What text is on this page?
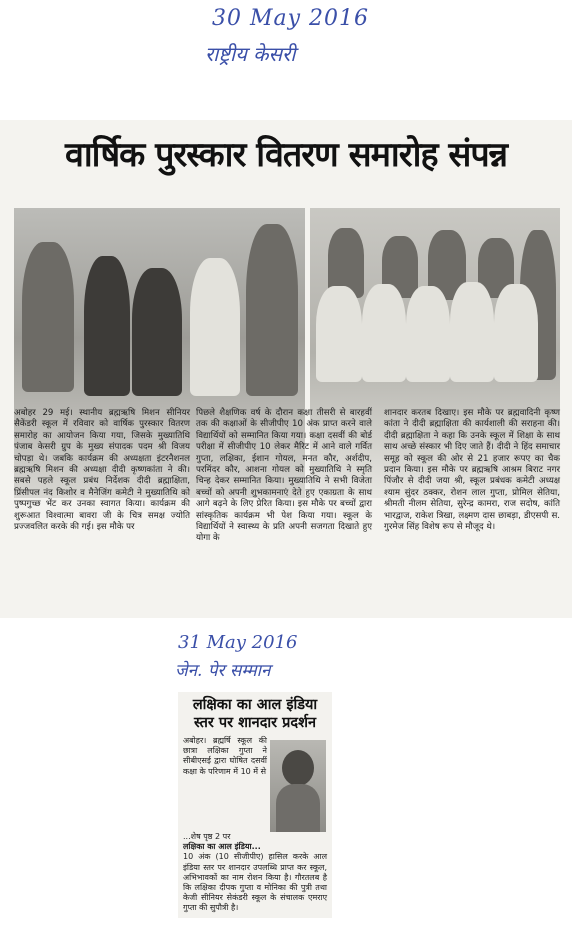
30 May 2016
राष्ट्रीय केसरी
वार्षिक पुरस्कार वितरण समारोह संपन्न
अबोहर 29 मई। स्थानीय ब्रह्मऋषि मिशन सीनियर सैकेंडरी स्कूल में रविवार को वार्षिक पुरस्कार वितरण समारोह का आयोजन किया गया, जिसके मुख्यातिथि पंजाब केसरी ग्रुप के मुख्य संपादक पदम श्री विजय चोपड़ा थे। जबकि कार्यक्रम की अध्यक्षता इंटरनैशनल ब्रह्मऋषि मिशन की अध्यक्षा दीदी कृष्णकांता ने की। सबसे पहले स्कूल प्रबंध निर्देशक दीदी ब्रह्माक्षिता, प्रिंसीपल नंद किशोर व मैनेजिंग कमेटी ने मुख्यातिथि को पुष्पगुच्छ भेंट कर उनका स्वागत किया। कार्यक्रम की शुरूआत विश्वात्मा बावरा जी के चित्र समक्ष ज्योति प्रज्जवलित करके की गई। इस मौके पर
पिछले शैक्षणिक वर्ष के दौरान कक्षा तीसरी से बारहवीं तक की कक्षाओं के सीजीपीए 10 अंक प्राप्त करने वाले विद्यार्थियों को सम्मानित किया गया। कक्षा दसवीं की बोर्ड परीक्षा में सीजीपीए 10 लेकर मैरिट में आने वाले गर्वित गुप्ता, लक्षिका, ईशान गोयल, मनत कौर, अर्शदीप, परमिंदर कौर, आशना गोयल को मुख्यातिथि ने स्मृति चिन्ह देकर सम्मानित किया। मुख्यातिथि ने सभी विजेता बच्चों को अपनी शुभकामनाएं देते हुए एकाग्रता के साथ आगे बढ़ने के लिए प्रेरित किया। इस मौके पर बच्चों द्वारा सांस्कृतिक कार्यक्रम भी पेश किया गया। स्कूल के विद्यार्थियों ने स्वास्थ्य के प्रति अपनी सजगता दिखाते हुए योगा के
शानदार करतब दिखाए। इस मौके पर ब्रह्मवादिनी कृष्ण कांता ने दीदी ब्रह्माक्षिता की कार्यशाली की सराहना की। दीदी ब्रह्माक्षिता ने कहा कि उनके स्कूल में शिक्षा के साथ साथ अच्छे संस्कार भी दिए जाते हैं। दीदी ने हिंद समाचार समूह को स्कूल की ओर से 21 हजार रूपए का चैक प्रदान किया। इस मौके पर ब्रह्मऋषि आश्रम बिराट नगर पिंजौर से दीदी जया श्री, स्कूल प्रबंधक कमेटी अध्यक्ष श्याम सुंदर ठक्कर, रोशन लाल गुप्ता, प्रोमिल सेतिया, श्रीमती नीलम सेतिया, सुरेन्द्र कामरा, राज सदोष, कांति भारद्वाज, राकेश त्रिखा, लक्ष्मण दास छाबड़ा, डीएसपी स. गुरमेज सिंह विशेष रूप से मौजूद थे।
31 May 2016
जेन. पेर सम्मान
लक्षिका का आल इंडिया स्तर पर शानदार प्रदर्शन
अबोहर। ब्रह्मर्षि स्कूल की छात्रा लक्षिका गुप्ता ने सीबीएसई द्वारा घोषित दसवीं कक्षा के परिणाम में 10 में से
...शेष पृष्ठ 2 पर
लक्षिका का आल इंडिया...
10 अंक (10 सीजीपीए) हासिल करके आल इंडिया स्तर पर शानदार उपलब्धि प्राप्त कर स्कूल, अभिभावकों का नाम रोशन किया है। गौरतलब है कि लक्षिका दीपक गुप्ता व मोनिका की पुत्री तथा केजी सीनियर सेकंडरी स्कूल के संचालक एमराए गुप्ता की सुपौत्री है।
